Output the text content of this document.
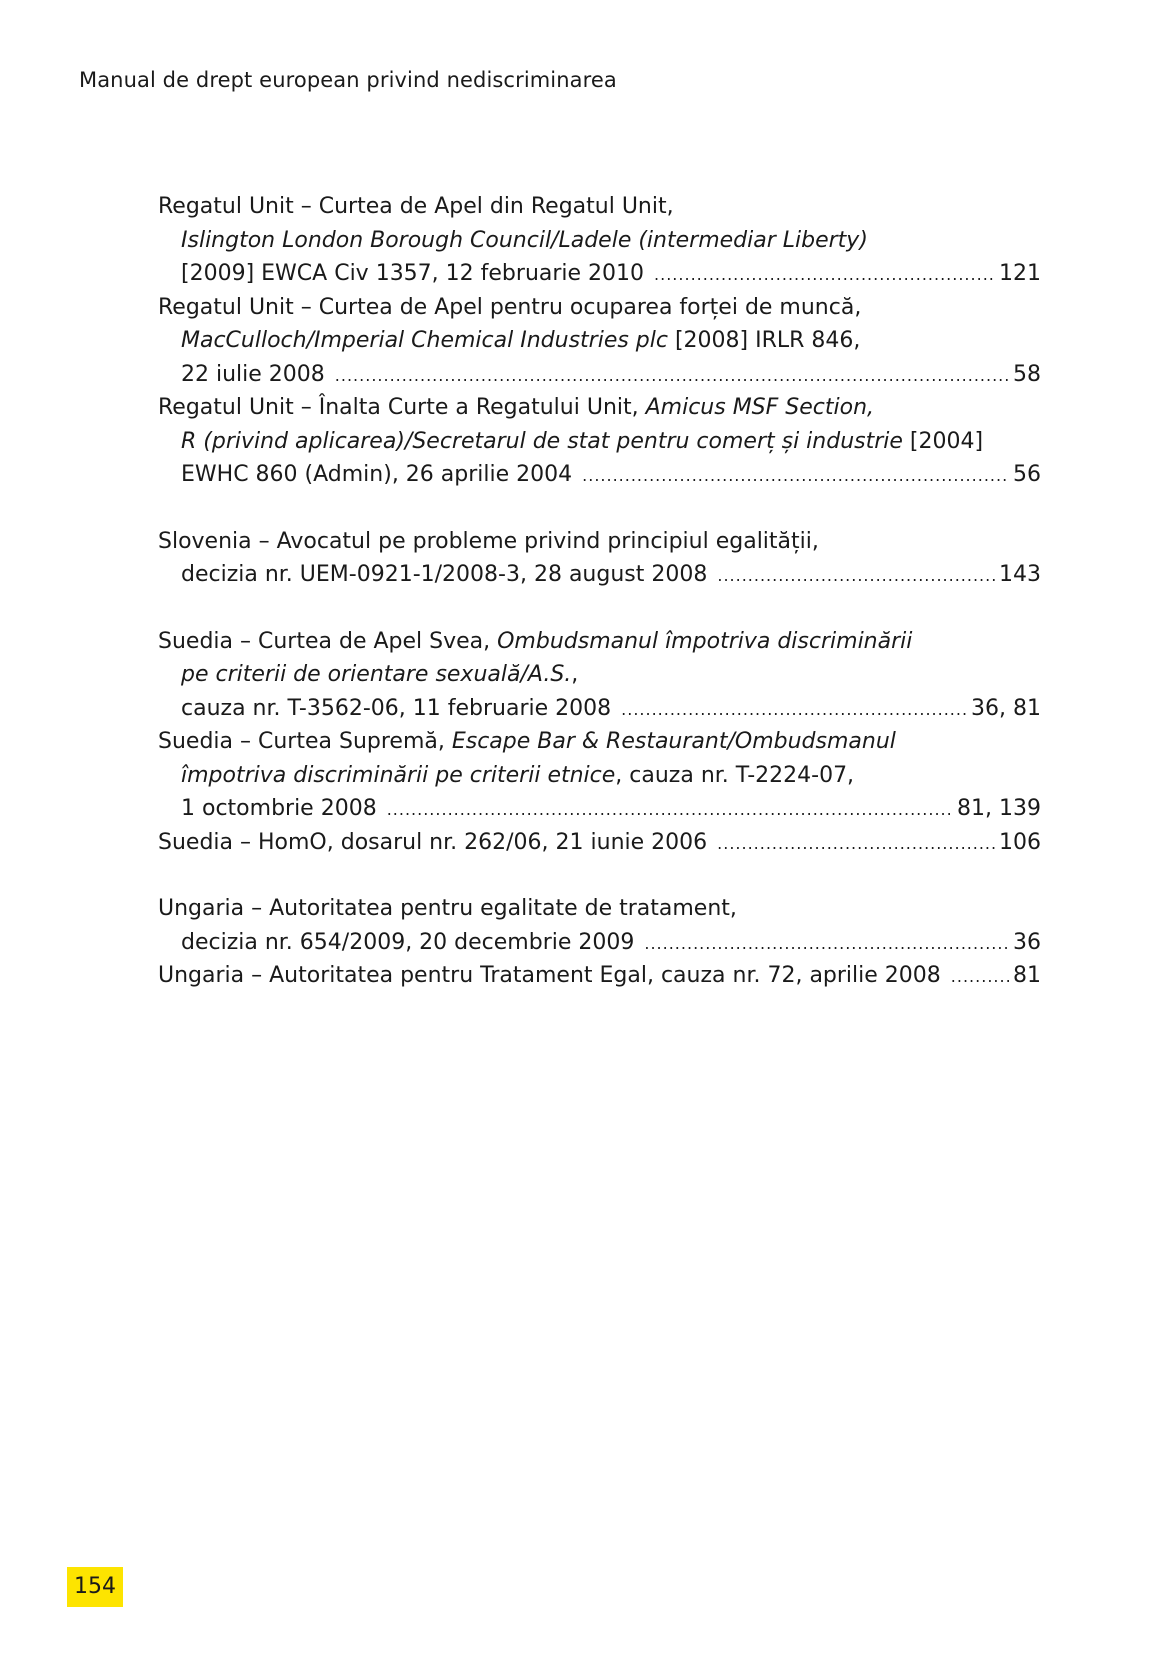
Manual de drept european privind nediscriminarea
Regatul Unit – Curtea de Apel din Regatul Unit,
Islington London Borough Council/Ladele (intermediar Liberty)
[2009] EWCA Civ 1357, 12 februarie 2010 .....	121
Regatul Unit – Curtea de Apel pentru ocuparea forței de muncă,
MacCulloch/Imperial Chemical Industries plc [2008] IRLR 846,
22 iulie 2008 .....	58
Regatul Unit – Înalta Curte a Regatului Unit, Amicus MSF Section,
R (privind aplicarea)/Secretarul de stat pentru comerț și industrie [2004]
EWHC 860 (Admin), 26 aprilie 2004 .....	56
Slovenia – Avocatul pe probleme privind principiul egalității,
decizia nr. UEM-0921-1/2008-3, 28 august 2008 .....	143
Suedia – Curtea de Apel Svea, Ombudsmanul împotriva discriminării
pe criterii de orientare sexuală/A.S.,
cauza nr. T-3562-06, 11 februarie 2008 .....	36, 81
Suedia – Curtea Supremă, Escape Bar & Restaurant/Ombudsmanul
împotriva discriminării pe criterii etnice, cauza nr. T-2224-07,
1 octombrie 2008 .....	81, 139
Suedia – HomO, dosarul nr. 262/06, 21 iunie 2006 .....	106
Ungaria – Autoritatea pentru egalitate de tratament,
decizia nr. 654/2009, 20 decembrie 2009 .....	36
Ungaria – Autoritatea pentru Tratament Egal, cauza nr. 72, aprilie 2008 .....	81
154
